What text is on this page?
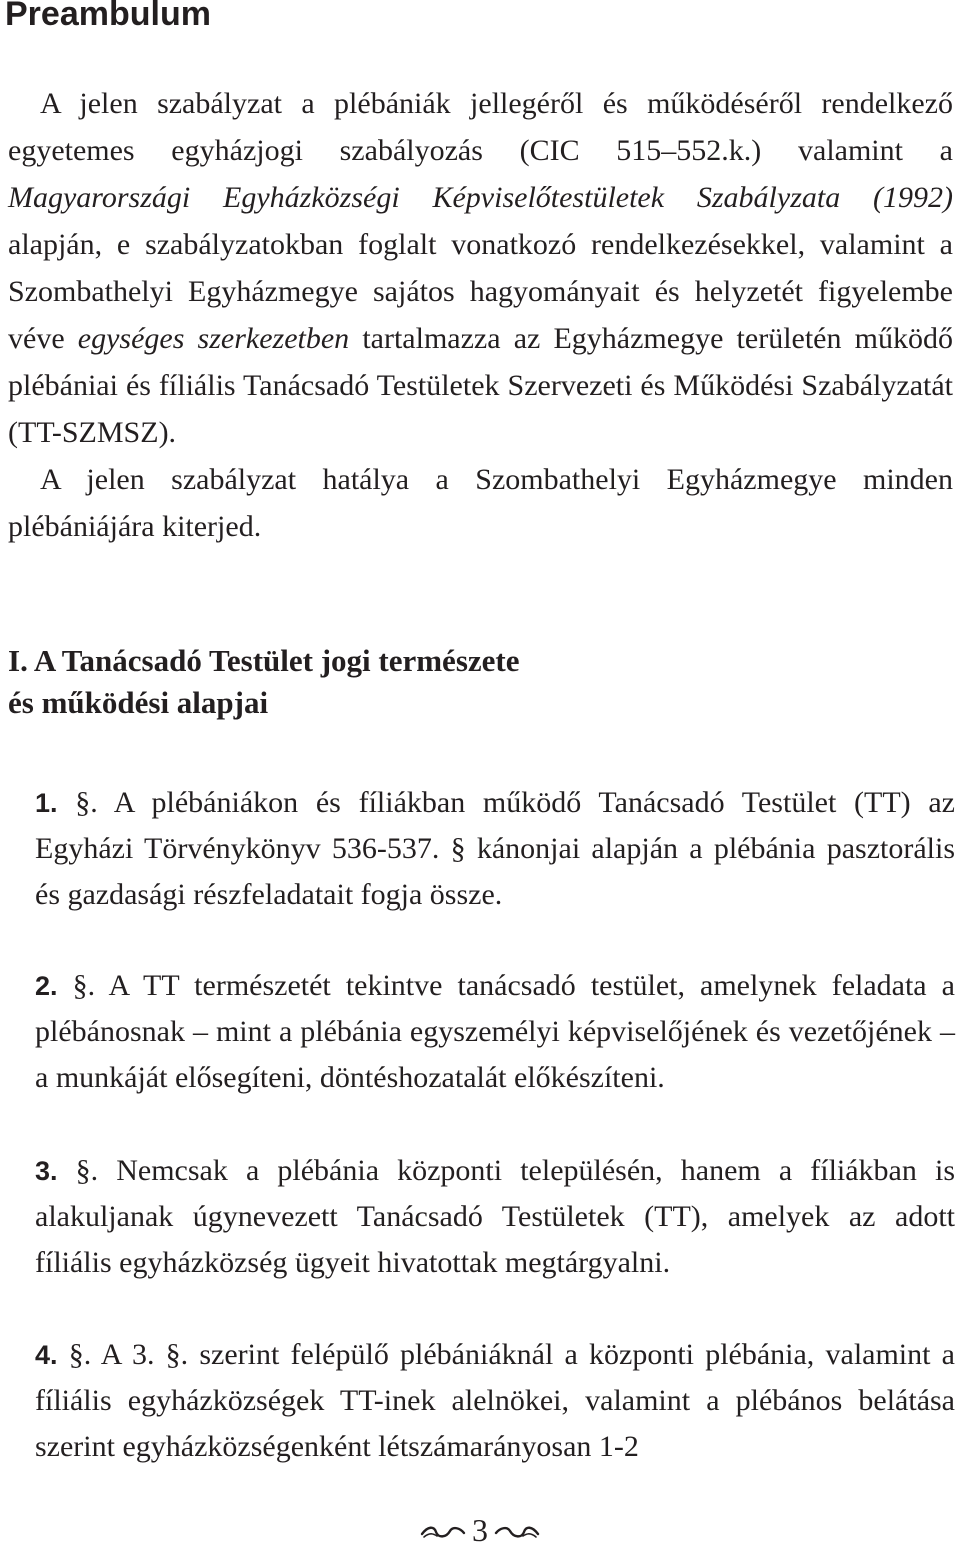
Preambulum

A jelen szabályzat a plébániák jellegéről és működéséről rendelkező egyetemes egyházjogi szabályozás (CIC 515–552.k.) valamint a Magyarországi Egyházközségi Képviselőtestületek Szabályzata (1992) alapján, e szabályzatokban foglalt vonatkozó rendelkezésekkel, valamint a Szombathelyi Egyházmegye sajátos hagyományait és helyzetét figyelembe véve egységes szerkezetben tartalmazza az Egyházmegye területén működő plébániai és fíliális Tanácsadó Testületek Szervezeti és Működési Szabályzatát (TT-SZMSZ).

A jelen szabályzat hatálya a Szombathelyi Egyházmegye minden plébániájára kiterjed.

I. A Tanácsadó Testület jogi természete
és működési alapjai

1. §. A plébániákon és fíliákban működő Tanácsadó Testület (TT) az Egyházi Törvénykönyv 536-537. § kánonjai alapján a plébánia pasztorális és gazdasági részfeladatait fogja össze.

2. §. A TT természetét tekintve tanácsadó testület, amelynek feladata a plébánosnak – mint a plébánia egyszemélyi képviselőjének és vezetőjének – a munkáját elősegíteni, döntéshozatalát előkészíteni.

3. §. Nemcsak a plébánia központi településén, hanem a fíliákban is alakuljanak úgynevezett Tanácsadó Testületek (TT), amelyek az adott fíliális egyházközség ügyeit hivatottak megtárgyalni.

4. §. A 3. §. szerint felépülő plébániáknál a központi plébánia, valamint a fíliális egyházközségek TT-inek alelnökei, valamint a plébános belátása szerint egyházközségenként létszámarányosan 1-2

3
